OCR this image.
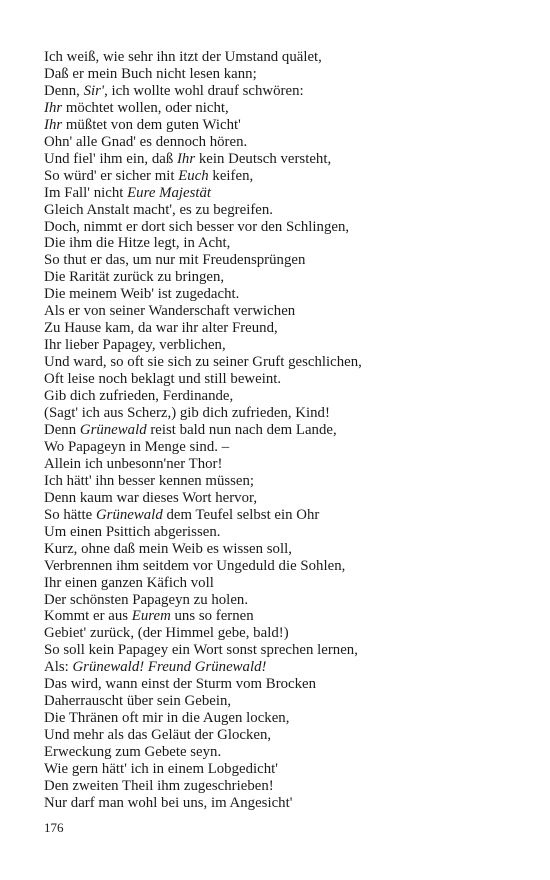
Ich weiß, wie sehr ihn itzt der Umstand quälet,
Daß er mein Buch nicht lesen kann;
Denn, Sir', ich wollte wohl drauf schwören:
Ihr möchtet wollen, oder nicht,
Ihr müßtet von dem guten Wicht'
Ohn' alle Gnad' es dennoch hören.
Und fiel' ihm ein, daß Ihr kein Deutsch versteht,
So würd' er sicher mit Euch keifen,
Im Fall' nicht Eure Majestät
Gleich Anstalt macht', es zu begreifen.
Doch, nimmt er dort sich besser vor den Schlingen,
Die ihm die Hitze legt, in Acht,
So thut er das, um nur mit Freudensprüngen
Die Rarität zurück zu bringen,
Die meinem Weib' ist zugedacht.
Als er von seiner Wanderschaft verwichen
Zu Hause kam, da war ihr alter Freund,
Ihr lieber Papagey, verblichen,
Und ward, so oft sie sich zu seiner Gruft geschlichen,
Oft leise noch beklagt und still beweint.
Gib dich zufrieden, Ferdinande,
(Sagt' ich aus Scherz,) gib dich zufrieden, Kind!
Denn Grünewald reist bald nun nach dem Lande,
Wo Papageyn in Menge sind. –
Allein ich unbesonn'ner Thor!
Ich hätt' ihn besser kennen müssen;
Denn kaum war dieses Wort hervor,
So hätte Grünewald dem Teufel selbst ein Ohr
Um einen Psittich abgerissen.
Kurz, ohne daß mein Weib es wissen soll,
Verbrennen ihm seitdem vor Ungeduld die Sohlen,
Ihr einen ganzen Käfich voll
Der schönsten Papageyn zu holen.
Kommt er aus Eurem uns so fernen
Gebiet' zurück, (der Himmel gebe, bald!)
So soll kein Papagey ein Wort sonst sprechen lernen,
Als: Grünewald! Freund Grünewald!
Das wird, wann einst der Sturm vom Brocken
Daherrauscht über sein Gebein,
Die Thränen oft mir in die Augen locken,
Und mehr als das Geläut der Glocken,
Erweckung zum Gebete seyn.
Wie gern hätt' ich in einem Lobgedicht'
Den zweiten Theil ihm zugeschrieben!
Nur darf man wohl bei uns, im Angesicht'
176
